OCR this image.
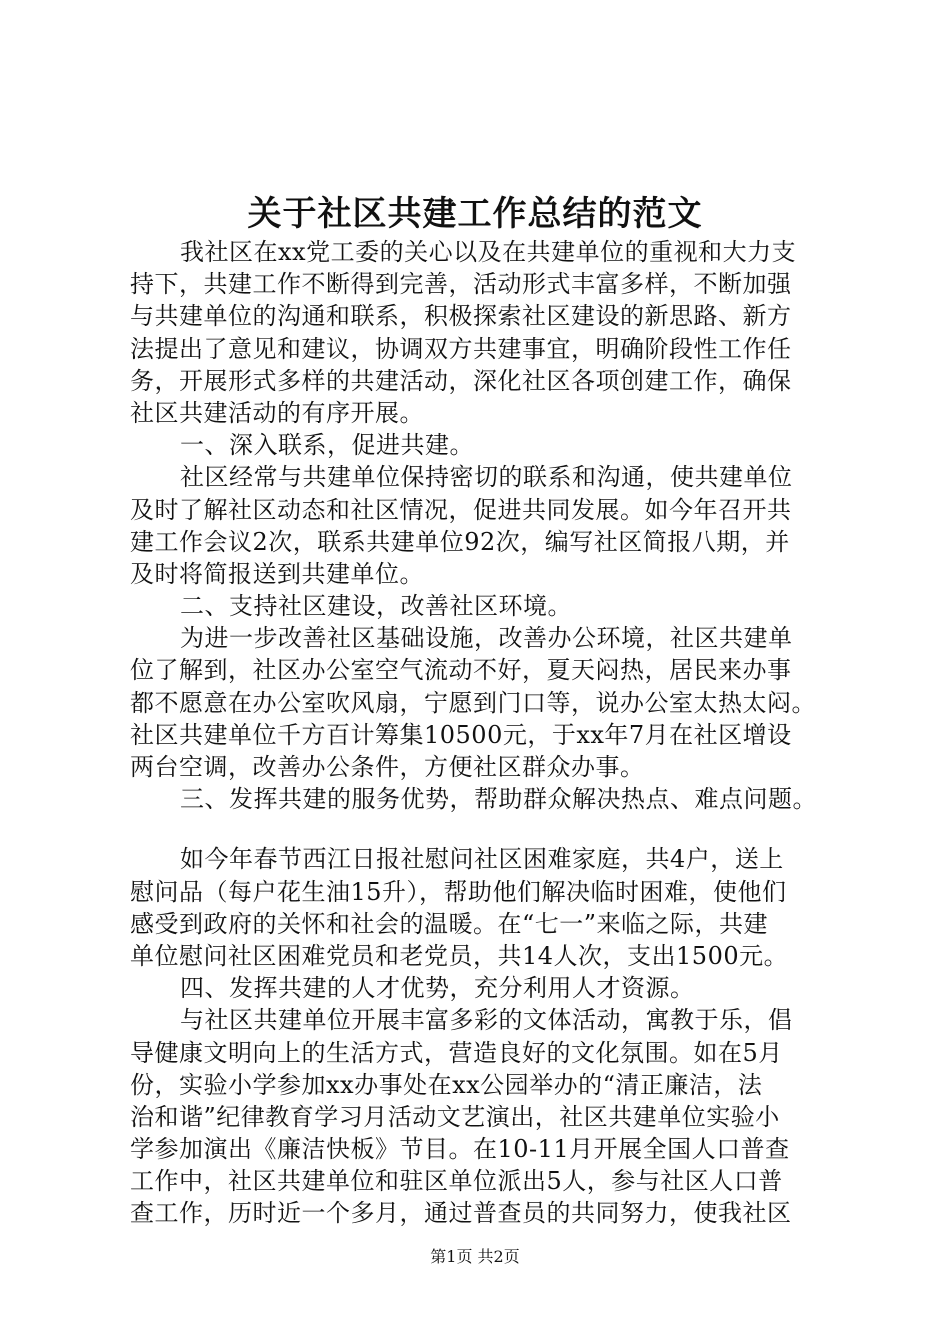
关于社区共建工作总结的范文
我社区在xx党工委的关心以及在共建单位的重视和大力支
持下，共建工作不断得到完善，活动形式丰富多样，不断加强
与共建单位的沟通和联系，积极探索社区建设的新思路、新方
法提出了意见和建议，协调双方共建事宜，明确阶段性工作任
务，开展形式多样的共建活动，深化社区各项创建工作，确保
社区共建活动的有序开展。
一、深入联系，促进共建。
社区经常与共建单位保持密切的联系和沟通，使共建单位
及时了解社区动态和社区情况，促进共同发展。如今年召开共
建工作会议2次，联系共建单位92次，编写社区简报八期，并
及时将简报送到共建单位。
二、支持社区建设，改善社区环境。
为进一步改善社区基础设施，改善办公环境，社区共建单
位了解到，社区办公室空气流动不好，夏天闷热，居民来办事
都不愿意在办公室吹风扇，宁愿到门口等，说办公室太热太闷。
社区共建单位千方百计筹集10500元，于xx年7月在社区增设
两台空调，改善办公条件，方便社区群众办事。
三、发挥共建的服务优势，帮助群众解决热点、难点问题。
如今年春节西江日报社慰问社区困难家庭，共4户，送上
慰问品（每户花生油15升），帮助他们解决临时困难，使他们
感受到政府的关怀和社会的温暖。在“七一”来临之际，共建
单位慰问社区困难党员和老党员，共14人次，支出1500元。
四、发挥共建的人才优势，充分利用人才资源。
与社区共建单位开展丰富多彩的文体活动，寓教于乐，倡
导健康文明向上的生活方式，营造良好的文化氛围。如在5月
份，实验小学参加xx办事处在xx公园举办的“清正廉洁，法
治和谐”纪律教育学习月活动文艺演出，社区共建单位实验小
学参加演出《廉洁快板》节目。在10-11月开展全国人口普查
工作中，社区共建单位和驻区单位派出5人，参与社区人口普
查工作，历时近一个多月，通过普查员的共同努力，使我社区
第1页 共2页
